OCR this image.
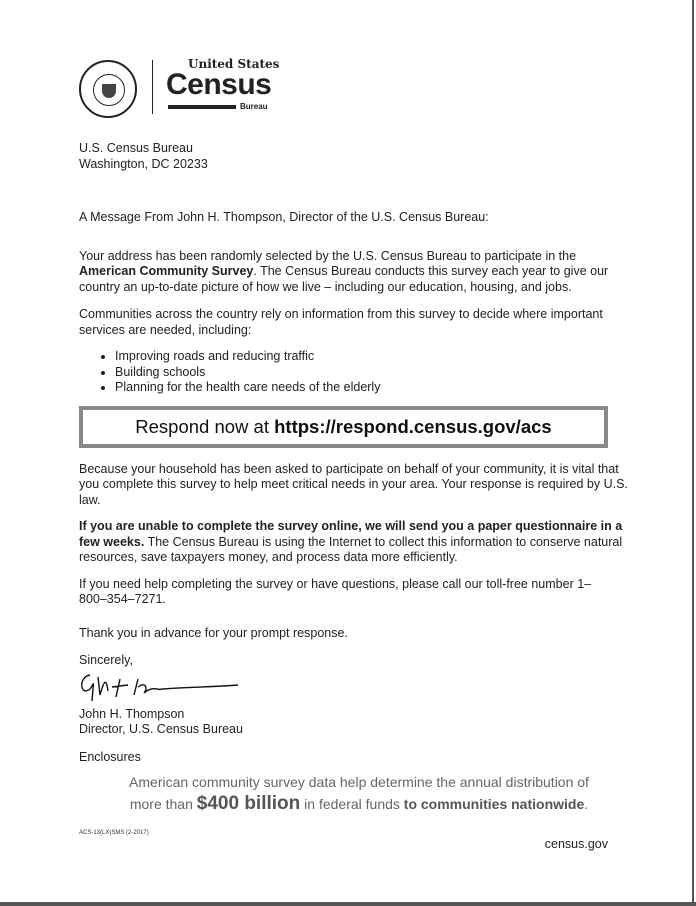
United States
Census
Bureau

U.S. Census Bureau

Washington, DC 20233

A Message From John H. Thompson, Director of the U.S. Census Bureau:

Your address has been randomly selected by the U.S. Census Bureau to participate in the American Community Survey. The Census Bureau conducts this survey each year to give our country an up-to-date picture of how we live – including our education, housing, and jobs.

Communities across the country rely on information from this survey to decide where important services are needed, including:

• Improving roads and reducing traffic
• Building schools
• Planning for the health care needs of the elderly
Respond now at https://respond.census.gov/acs

Because your household has been asked to participate on behalf of your community, it is vital that you complete this survey to help meet critical needs in your area. Your response is required by U.S. law.

If you are unable to complete the survey online, we will send you a paper questionnaire in a few weeks. The Census Bureau is using the Internet to collect this information to conserve natural resources, save taxpayers money, and process data more efficiently.

If you need help completing the survey or have questions, please call our toll-free number 1–800–354–7271.

Thank you in advance for your prompt response.

Sincerely,

John H. Thompson

Director, U.S. Census Bureau

Enclosures

American community survey data help determine the annual distribution of

more than $400 billion in federal funds to communities nationwide.

ACS-13(LX)SMS (2-2017)
census.gov
